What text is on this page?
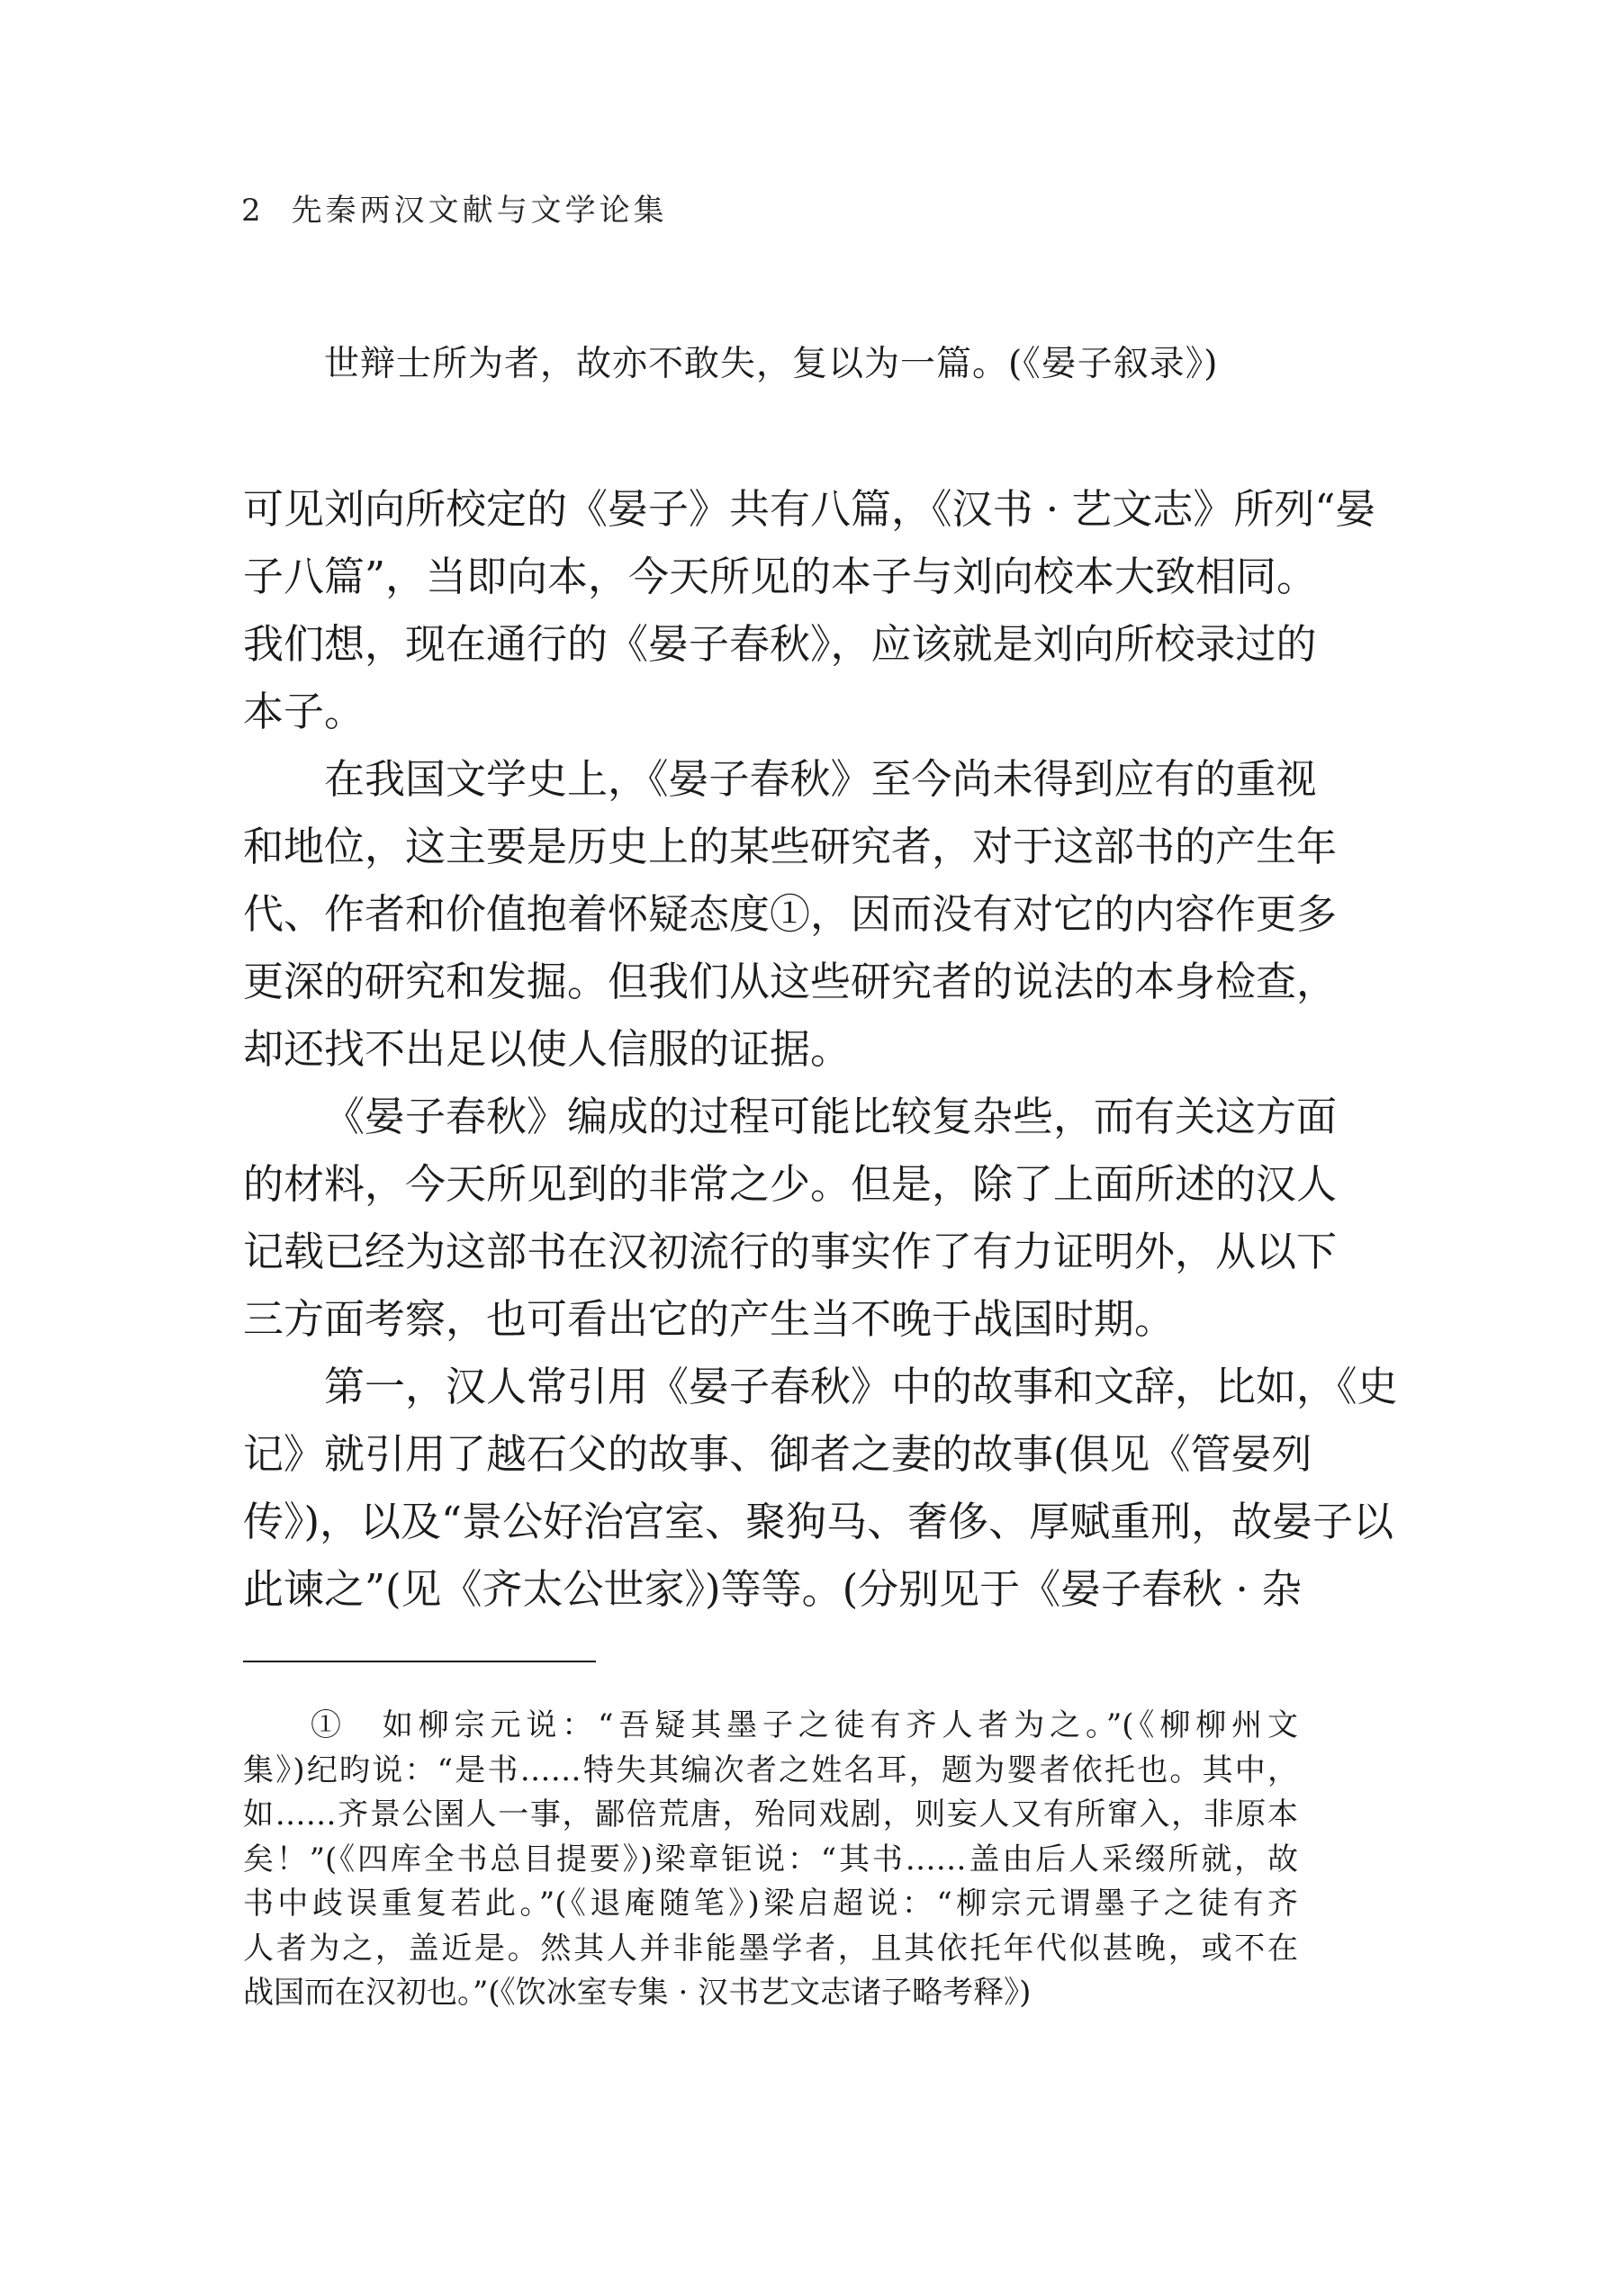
2 先秦两汉文献与文学论集
世辩士所为者，故亦不敢失，复以为一篇。(《晏子叙录》)
可见刘向所校定的《晏子》共有八篇，《汉书 · 艺文志》所列“晏
子八篇”，当即向本，今天所见的本子与刘向校本大致相同。
我们想，现在通行的《晏子春秋》，应该就是刘向所校录过的
本子。
在我国文学史上，《晏子春秋》至今尚未得到应有的重视
和地位，这主要是历史上的某些研究者，对于这部书的产生年
代、作者和价值抱着怀疑态度①，因而没有对它的内容作更多
更深的研究和发掘。但我们从这些研究者的说法的本身检查，
却还找不出足以使人信服的证据。
《晏子春秋》编成的过程可能比较复杂些，而有关这方面
的材料，今天所见到的非常之少。但是，除了上面所述的汉人
记载已经为这部书在汉初流行的事实作了有力证明外，从以下
三方面考察，也可看出它的产生当不晚于战国时期。
第一，汉人常引用《晏子春秋》中的故事和文辞，比如，《史
记》就引用了越石父的故事、御者之妻的故事(俱见《管晏列
传》)，以及“景公好治宫室、聚狗马、奢侈、厚赋重刑，故晏子以
此谏之”(见《齐太公世家》)等等。(分别见于《晏子春秋 · 杂
①　如柳宗元说：“吾疑其墨子之徒有齐人者为之。”(《柳柳州文
集》)纪昀说：“是书……特失其编次者之姓名耳，题为婴者依托也。其中，
如……齐景公圉人一事，鄙倍荒唐，殆同戏剧，则妄人又有所窜入，非原本
矣！”(《四库全书总目提要》)梁章钜说：“其书……盖由后人采缀所就，故
书中歧误重复若此。”(《退庵随笔》)梁启超说：“柳宗元谓墨子之徒有齐
人者为之，盖近是。然其人并非能墨学者，且其依托年代似甚晚，或不在
战国而在汉初也。”(《饮冰室专集 · 汉书艺文志诸子略考释》)
